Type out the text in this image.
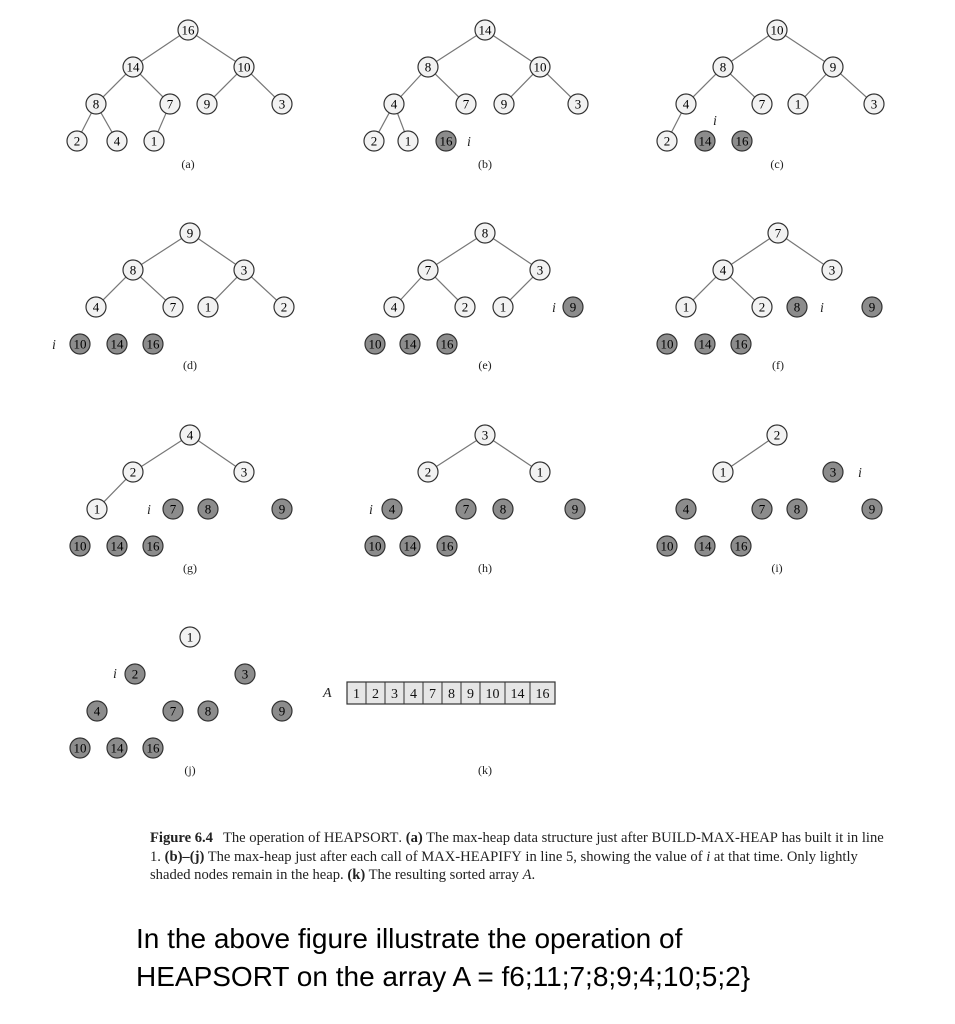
16
14	10
8	7 9	3
2	4 1
(a)
14
8	10
4	7 9	3
2 1 16
(b)
i
10
8	9
4	7 1	3
2 14 16
(c)
i
9
8	3
4	7 1	2
10 14 16
(d)
i
8
7	3
4	2 1	9
10 14 16
(e)
i
7
4	3
1	2 8	9
10 14 16
(f)
i
4
2	3
1	7 8	9
10 14 16
(g)
i
3
2	1
4	7 8	9
10 14 16
(h)
i
2
1	3
4	7 8	9
10 14 16
(i)
i
1
2	3
4	7 8	9
10 14 16
(j)
i
A 1 2 3 4 7 8 9 10 14 16
(k)
Figure 6.4 The operation of HEAPSORT. (a) The max-heap data structure just after BUILD-MAX-HEAP has built it in line 1. (b)–(j) The max-heap just after each call of MAX-HEAPIFY in line 5, showing the value of i at that time. Only lightly shaded nodes remain in the heap. (k) The resulting sorted array A.
In the above figure illustrate the operation of
HEAPSORT on the array A = f6;11;7;8;9;4;10;5;2}
